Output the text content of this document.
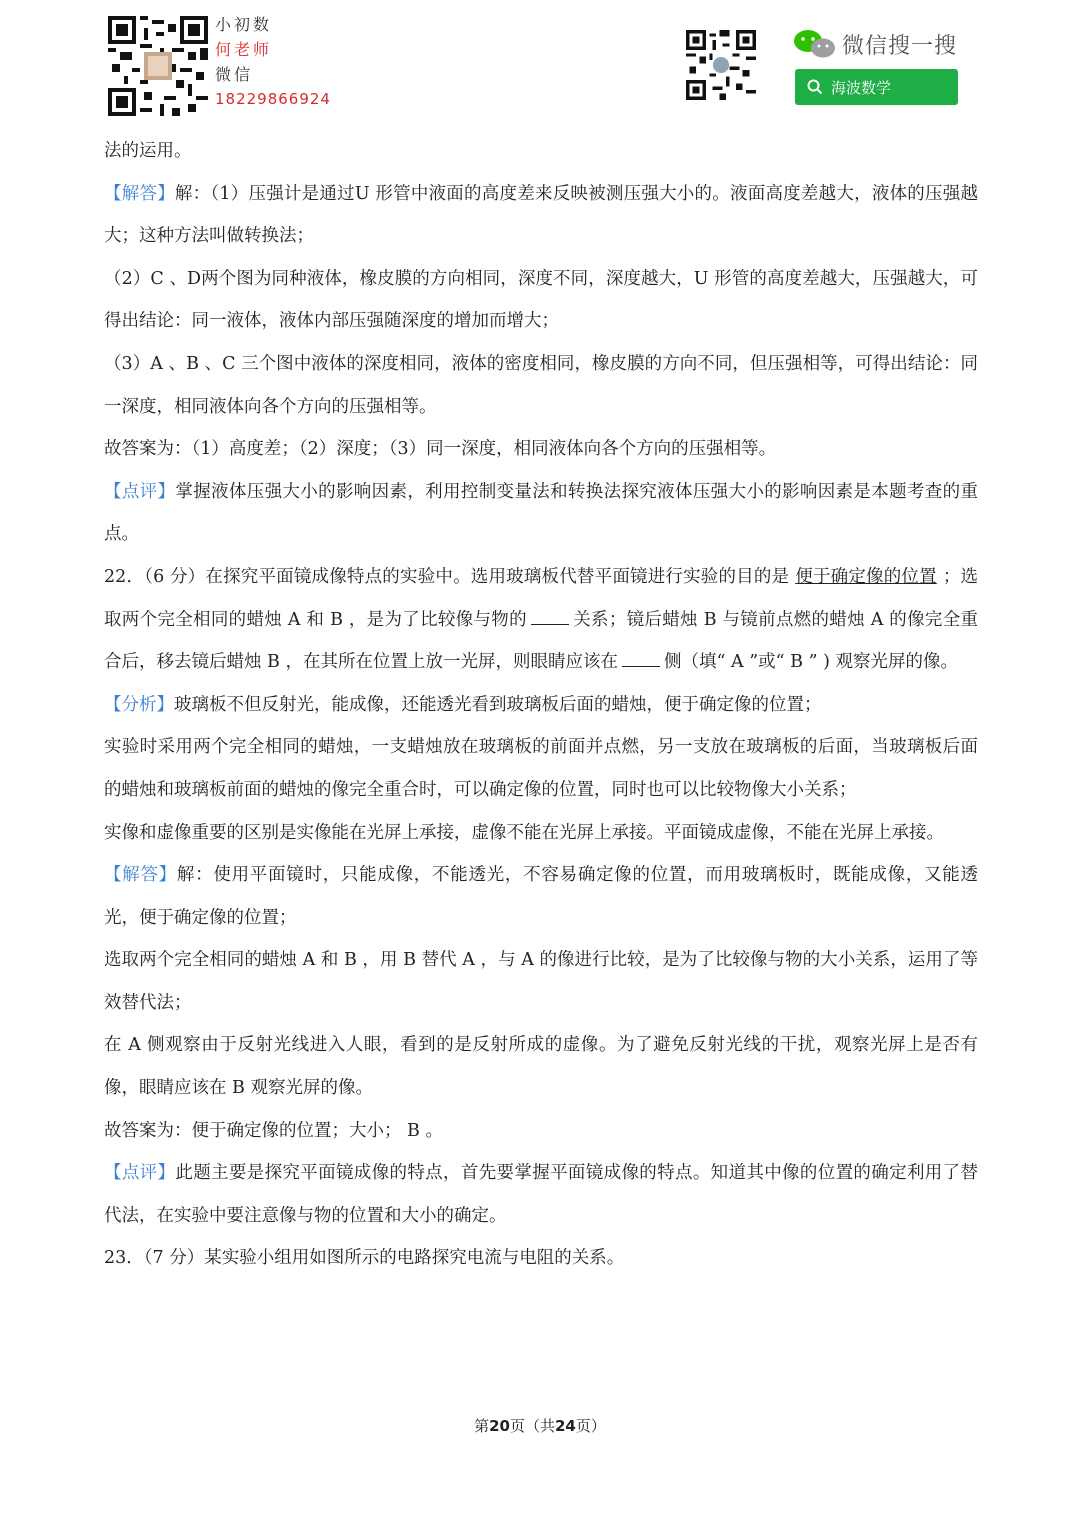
小初数
何老师
微信
18229866924
微信搜一搜
海波数学

法的运用。

【解答】解：（1）压强计是通过U 形管中液面的高度差来反映被测压强大小的。液面高度差越大，液体的压强越大；这种方法叫做转换法；

（2）C 、D两个图为同种液体，橡皮膜的方向相同，深度不同，深度越大，U 形管的高度差越大，压强越大，可得出结论：同一液体，液体内部压强随深度的增加而增大；

（3）A 、B 、C 三个图中液体的深度相同，液体的密度相同，橡皮膜的方向不同，但压强相等，可得出结论：同一深度，相同液体向各个方向的压强相等。

故答案为：（1）高度差；（2）深度；（3）同一深度，相同液体向各个方向的压强相等。

【点评】掌握液体压强大小的影响因素，利用控制变量法和转换法探究液体压强大小的影响因素是本题考查的重点。

22．（6 分）在探究平面镜成像特点的实验中。选用玻璃板代替平面镜进行实验的目的是 便于确定像的位置 ；选取两个完全相同的蜡烛 A 和 B ，是为了比较像与物的	关系；镜后蜡烛 B 与镜前点燃的蜡烛 A 的像完全重合后，移去镜后蜡烛 B ，在其所在位置上放一光屏，则眼睛应该在	侧（填“ A ”或“ B ” ) 观察光屏的像。

【分析】玻璃板不但反射光，能成像，还能透光看到玻璃板后面的蜡烛，便于确定像的位置；

实验时采用两个完全相同的蜡烛，一支蜡烛放在玻璃板的前面并点燃，另一支放在玻璃板的后面，当玻璃板后面的蜡烛和玻璃板前面的蜡烛的像完全重合时，可以确定像的位置，同时也可以比较物像大小关系；

实像和虚像重要的区别是实像能在光屏上承接，虚像不能在光屏上承接。平面镜成虚像，不能在光屏上承接。

【解答】解：使用平面镜时，只能成像，不能透光，不容易确定像的位置，而用玻璃板时，既能成像，又能透光，便于确定像的位置；

选取两个完全相同的蜡烛 A 和 B ，用 B 替代 A ，与 A 的像进行比较，是为了比较像与物的大小关系，运用了等效替代法；

在 A 侧观察由于反射光线进入人眼，看到的是反射所成的虚像。为了避免反射光线的干扰，观察光屏上是否有像，眼睛应该在 B 观察光屏的像。

故答案为：便于确定像的位置；大小； B 。

【点评】此题主要是探究平面镜成像的特点，首先要掌握平面镜成像的特点。知道其中像的位置的确定利用了替代法，在实验中要注意像与物的位置和大小的确定。

23．（7 分）某实验小组用如图所示的电路探究电流与电阻的关系。

第20页（共24页）
